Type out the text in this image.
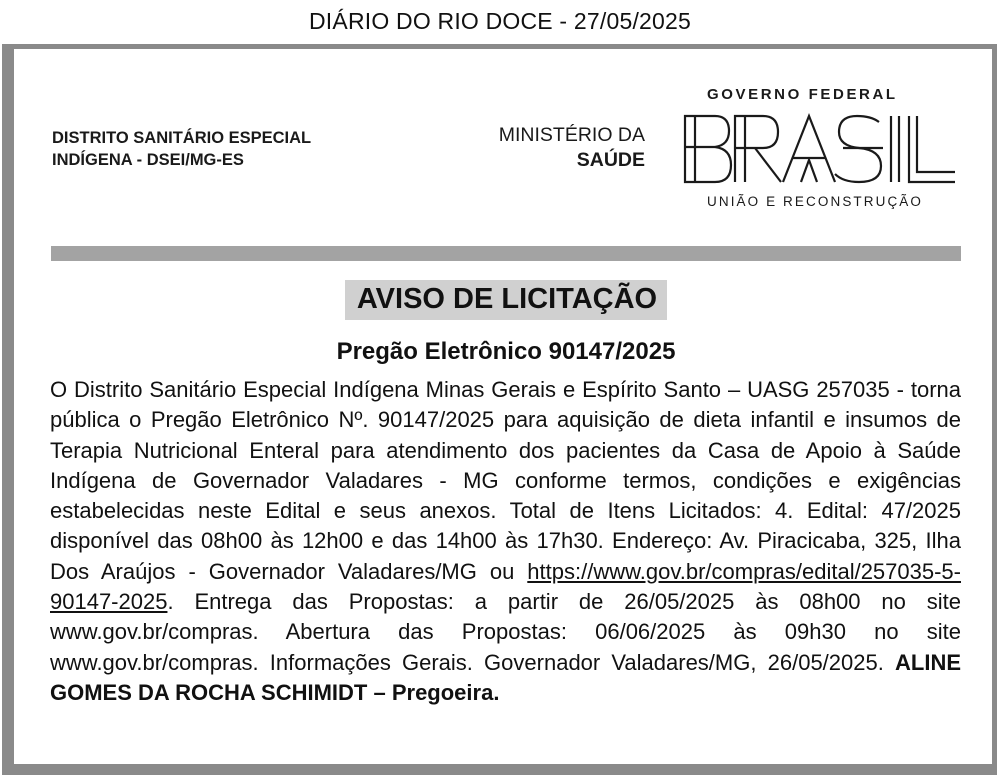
DIÁRIO DO RIO DOCE - 27/05/2025
DISTRITO SANITÁRIO ESPECIAL
INDÍGENA - DSEI/MG-ES
MINISTÉRIO DA
SAÚDE
GOVERNO FEDERAL
UNIÃO E RECONSTRUÇÃO
AVISO DE LICITAÇÃO
Pregão Eletrônico 90147/2025
O Distrito Sanitário Especial Indígena Minas Gerais e Espírito Santo – UASG 257035 - torna pública o Pregão Eletrônico Nº. 90147/2025 para aquisição de dieta infantil e insumos de Terapia Nutricional Enteral para atendimento dos pacientes da Casa de Apoio à Saúde Indígena de Governador Valadares - MG conforme termos, condições e exigências estabelecidas neste Edital e seus anexos. Total de Itens Licitados: 4. Edital: 47/2025 disponível das 08h00 às 12h00 e das 14h00 às 17h30. Endereço: Av. Piracicaba, 325, Ilha Dos Araújos - Governador Valadares/MG ou https://www.gov.br/compras/edital/257035-5-90147-2025. Entrega das Propostas: a partir de 26/05/2025 às 08h00 no site www.gov.br/compras. Abertura das Propostas: 06/06/2025 às 09h30 no site www.gov.br/compras. Informações Gerais. Governador Valadares/MG, 26/05/2025. ALINE GOMES DA ROCHA SCHIMIDT – Pregoeira.
